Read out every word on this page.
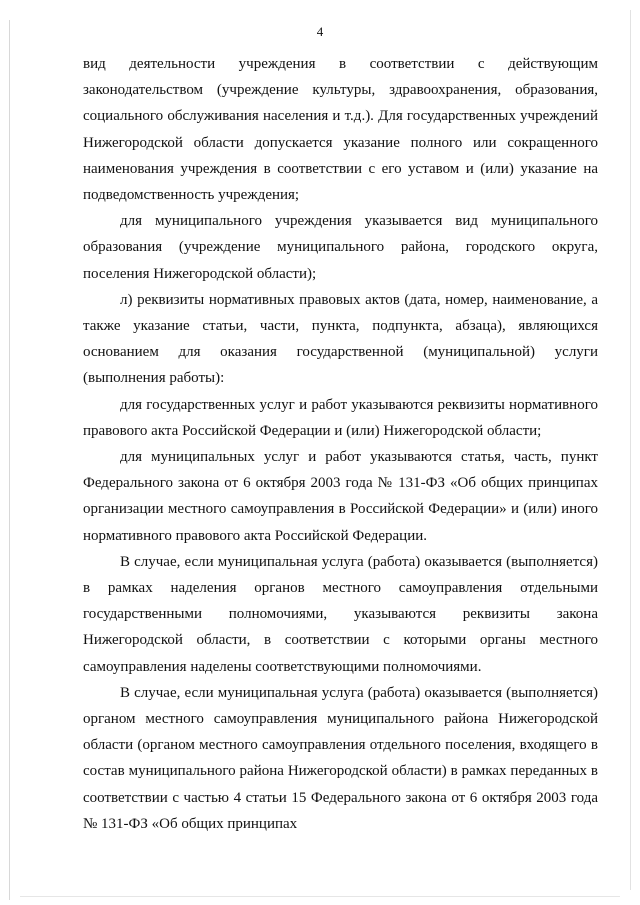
4

вид деятельности учреждения в соответствии с действующим законодательством (учреждение культуры, здравоохранения, образования, социального обслуживания населения и т.д.). Для государственных учреждений Нижегородской области допускается указание полного или сокращенного наименования учреждения в соответствии с его уставом и (или) указание на подведомственность учреждения;

для муниципального учреждения указывается вид муниципального образования (учреждение муниципального района, городского округа, поселения Нижегородской области);

л) реквизиты нормативных правовых актов (дата, номер, наименование, а также указание статьи, части, пункта, подпункта, абзаца), являющихся основанием для оказания государственной (муниципальной) услуги (выполнения работы):

для государственных услуг и работ указываются реквизиты нормативного правового акта Российской Федерации и (или) Нижегородской области;

для муниципальных услуг и работ указываются статья, часть, пункт Федерального закона от 6 октября 2003 года № 131-ФЗ «Об общих принципах организации местного самоуправления в Российской Федерации» и (или) иного нормативного правового акта Российской Федерации.

В случае, если муниципальная услуга (работа) оказывается (выполняется) в рамках наделения органов местного самоуправления отдельными государственными полномочиями, указываются реквизиты закона Нижегородской области, в соответствии с которыми органы местного самоуправления наделены соответствующими полномочиями.

В случае, если муниципальная услуга (работа) оказывается (выполняется) органом местного самоуправления муниципального района Нижегородской области (органом местного самоуправления отдельного поселения, входящего в состав муниципального района Нижегородской области) в рамках переданных в соответствии с частью 4 статьи 15 Федерального закона от 6 октября 2003 года № 131-ФЗ «Об общих принципах
